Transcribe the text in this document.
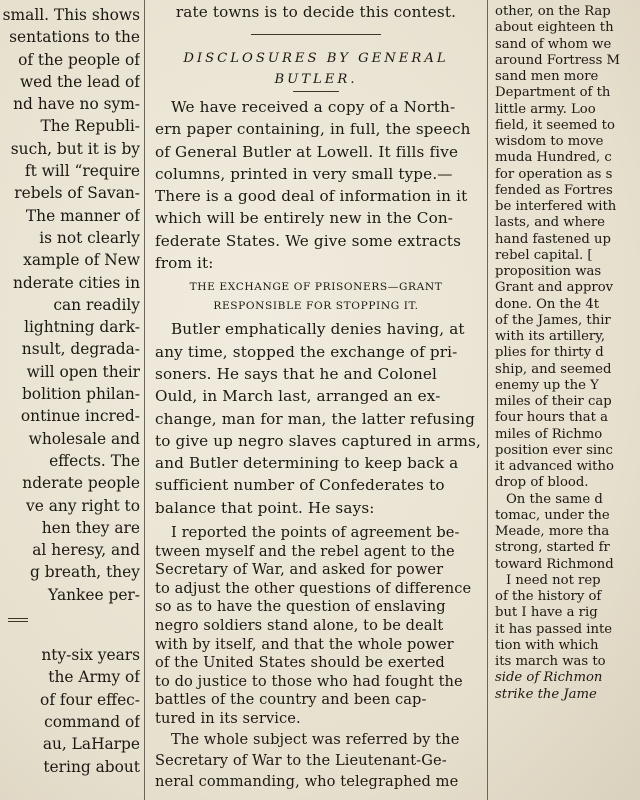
small. This shows
sentations to the
of the people of
wed the lead of
nd have no sym-
The Republi-
such, but it is by
ft will “require
rebels of Savan-
The manner of
is not clearly
xample of New
nderate cities in
can readily
lightning dark-
nsult, degrada-
will open their
bolition philan-
ontinue incred-
wholesale and
effects. The
nderate people
ve any right to
hen they are
al heresy, and
g breath, they
Yankee per-
nty-six years
the Army of
of four effec-
command of
au, LaHarpe
tering about
rate towns is to decide this contest.
DISCLOSURES BY GENERAL
BUTLER.
We have received a copy of a North-
ern paper containing, in full, the speech
of General Butler at Lowell. It fills five
columns, printed in very small type.—
There is a good deal of information in it
which will be entirely new in the Con-
federate States. We give some extracts
from it:
THE EXCHANGE OF PRISONERS—GRANT
RESPONSIBLE FOR STOPPING IT.
Butler emphatically denies having, at
any time, stopped the exchange of pri-
soners. He says that he and Colonel
Ould, in March last, arranged an ex-
change, man for man, the latter refusing
to give up negro slaves captured in arms,
and Butler determining to keep back a
sufficient number of Confederates to
balance that point. He says:
I reported the points of agreement be-
tween myself and the rebel agent to the
Secretary of War, and asked for power
to adjust the other questions of difference
so as to have the question of enslaving
negro soldiers stand alone, to be dealt
with by itself, and that the whole power
of the United States should be exerted
to do justice to those who had fought the
battles of the country and been cap-
tured in its service.
The whole subject was referred by the
Secretary of War to the Lieutenant-Ge-
neral commanding, who telegraphed me
other, on the Rap
about eighteen th
sand of whom we
around Fortress M
sand men more
Department of th
little army. Loo
field, it seemed to
wisdom to move
muda Hundred, c
for operation as s
fended as Fortres
be interfered with
lasts, and where
hand fastened up
rebel capital. [
proposition was
Grant and approv
done. On the 4t
of the James, thir
with its artillery,
plies for thirty d
ship, and seemed
enemy up the Y
miles of their cap
four hours that a
miles of Richmo
position ever sinc
it advanced witho
drop of blood.
On the same d
tomac, under the
Meade, more tha
strong, started fr
toward Richmond
I need not rep
of the history of
but I have a rig
it has passed inte
tion with which
its march was to
side of Richmon
strike the Jame
